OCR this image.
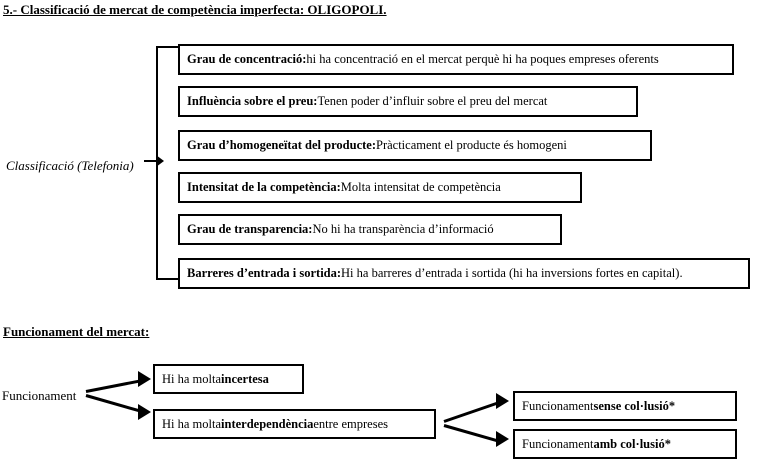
5.- Classificació de mercat de competència imperfecta: OLIGOPOLI.
Classificació (Telefonia)
Grau de concentració: hi ha concentració en el mercat perquè hi ha poques empreses oferents
Influència sobre el preu: Tenen poder d’influir sobre el preu del mercat
Grau d’homogeneïtat del producte: Pràcticament el producte és homogeni
Intensitat de la competència: Molta intensitat de competència
Grau de transparencia: No hi ha transparència d’informació
Barreres d’entrada i sortida: Hi ha barreres d’entrada i sortida (hi ha inversions fortes en capital).
Funcionament del mercat:
Funcionament
Hi ha molta incertesa
Hi ha molta interdependència entre empreses
Funcionament sense col·lusió*
Funcionament amb col·lusió*
